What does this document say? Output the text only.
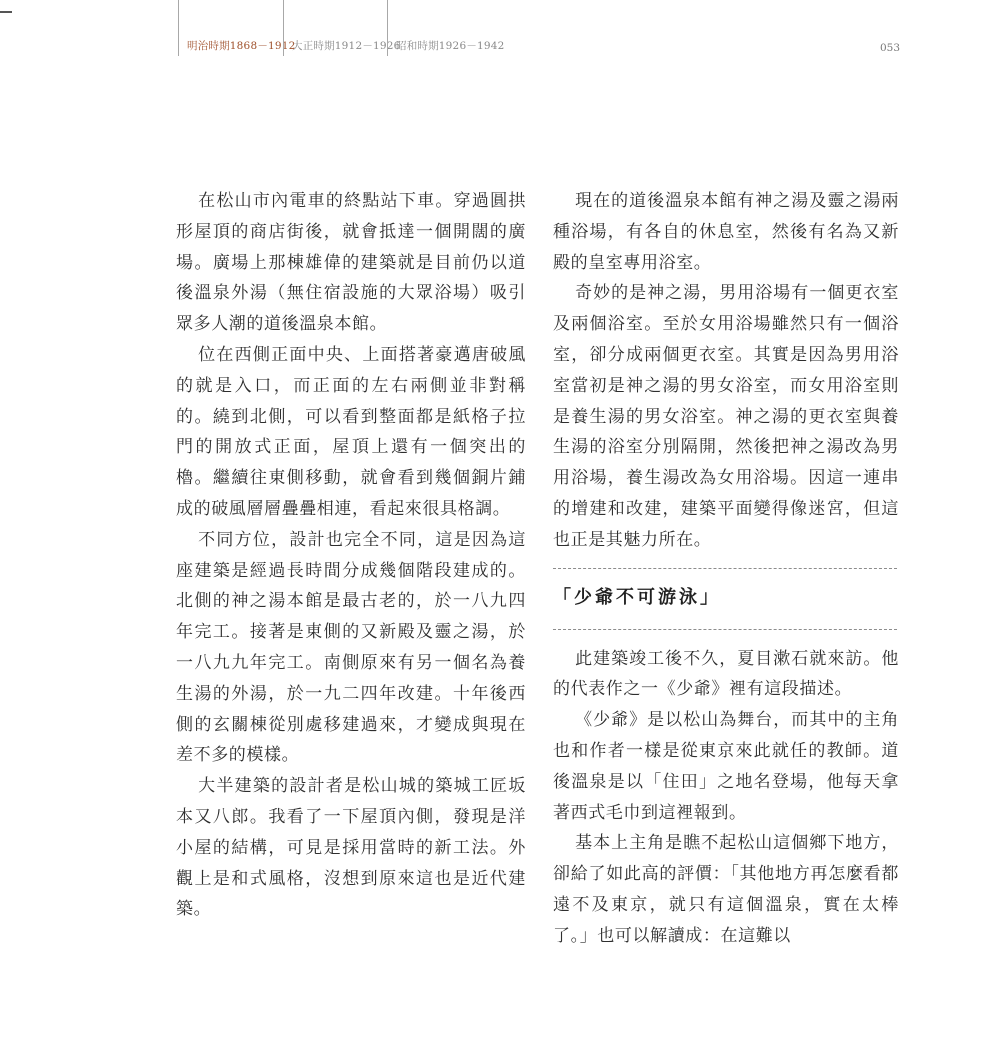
明治時期1868－1912
大正時期1912－1926
昭和時期1926－1942	053

在松山市內電車的終點站下車。穿過圓拱形屋頂的商店街後，就會抵達一個開闊的廣場。廣場上那棟雄偉的建築就是目前仍以道後溫泉外湯（無住宿設施的大眾浴場）吸引眾多人潮的道後溫泉本館。

位在西側正面中央、上面搭著豪邁唐破風的就是入口，而正面的左右兩側並非對稱的。繞到北側，可以看到整面都是紙格子拉門的開放式正面，屋頂上還有一個突出的櫓。繼續往東側移動，就會看到幾個銅片鋪成的破風層層疊疊相連，看起來很具格調。

不同方位，設計也完全不同，這是因為這座建築是經過長時間分成幾個階段建成的。北側的神之湯本館是最古老的，於一八九四年完工。接著是東側的又新殿及靈之湯，於一八九九年完工。南側原來有另一個名為養生湯的外湯，於一九二四年改建。十年後西側的玄關棟從別處移建過來，才變成與現在差不多的模樣。

大半建築的設計者是松山城的築城工匠坂本又八郎。我看了一下屋頂內側，發現是洋小屋的結構，可見是採用當時的新工法。外觀上是和式風格，沒想到原來這也是近代建築。

現在的道後溫泉本館有神之湯及靈之湯兩種浴場，有各自的休息室，然後有名為又新殿的皇室專用浴室。

奇妙的是神之湯，男用浴場有一個更衣室及兩個浴室。至於女用浴場雖然只有一個浴室，卻分成兩個更衣室。其實是因為男用浴室當初是神之湯的男女浴室，而女用浴室則是養生湯的男女浴室。神之湯的更衣室與養生湯的浴室分別隔開，然後把神之湯改為男用浴場，養生湯改為女用浴場。因這一連串的增建和改建，建築平面變得像迷宮，但這也正是其魅力所在。

「少爺不可游泳」

此建築竣工後不久，夏目漱石就來訪。他的代表作之一《少爺》裡有這段描述。

《少爺》是以松山為舞台，而其中的主角也和作者一樣是從東京來此就任的教師。道後溫泉是以「住田」之地名登場，他每天拿著西式毛巾到這裡報到。

基本上主角是瞧不起松山這個鄉下地方，卻給了如此高的評價：「其他地方再怎麼看都遠不及東京，就只有這個溫泉，實在太棒了。」也可以解讀成：在這難以
